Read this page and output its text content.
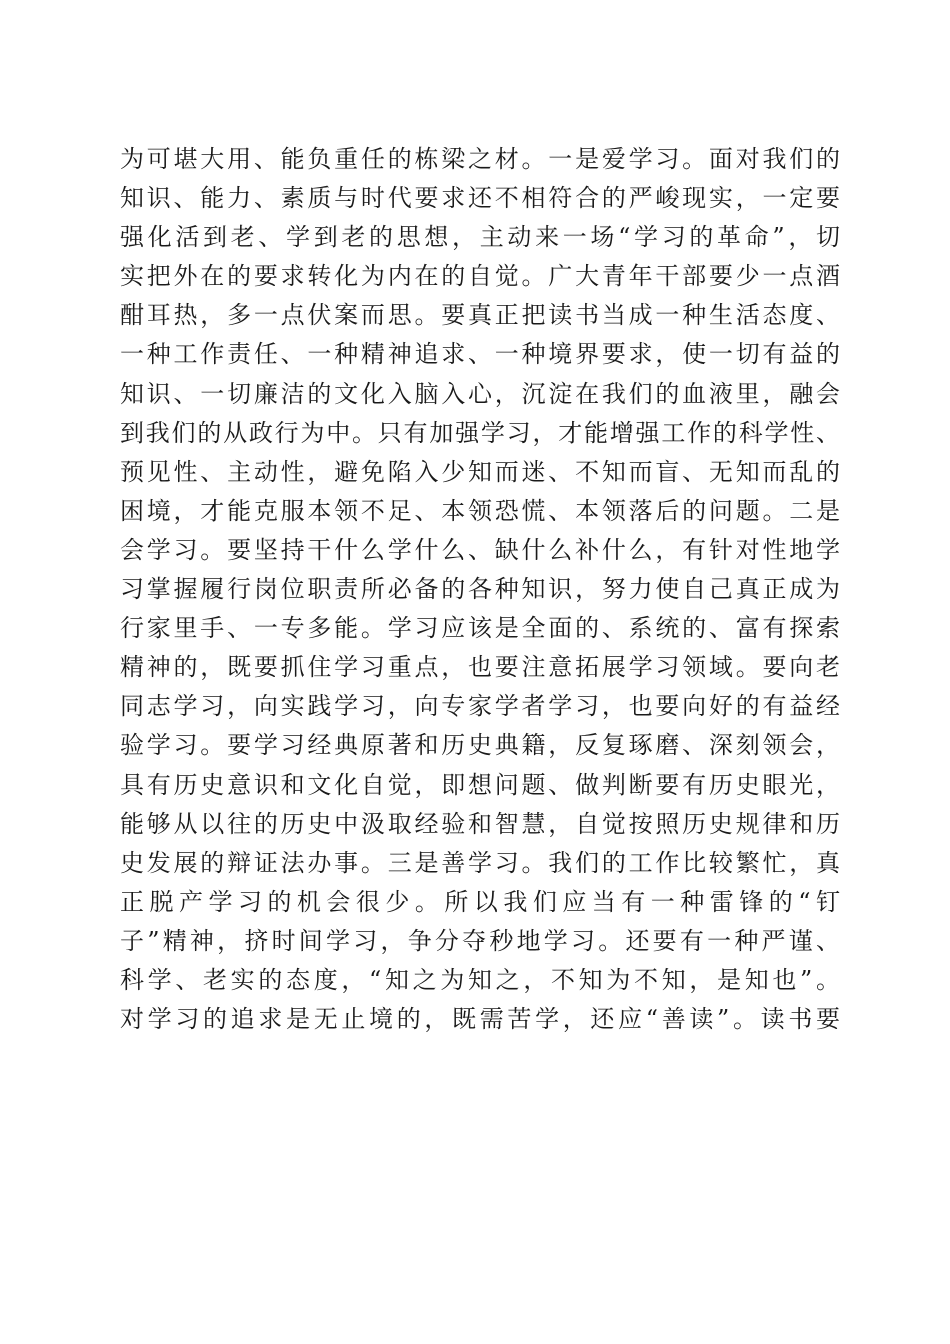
为可堪大用、能负重任的栋梁之材。一是爱学习。面对我们的
知识、能力、素质与时代要求还不相符合的严峻现实，一定要
强化活到老、学到老的思想，主动来一场“学习的革命”，切
实把外在的要求转化为内在的自觉。广大青年干部要少一点酒
酣耳热，多一点伏案而思。要真正把读书当成一种生活态度、
一种工作责任、一种精神追求、一种境界要求，使一切有益的
知识、一切廉洁的文化入脑入心，沉淀在我们的血液里，融会
到我们的从政行为中。只有加强学习，才能增强工作的科学性、
预见性、主动性，避免陷入少知而迷、不知而盲、无知而乱的
困境，才能克服本领不足、本领恐慌、本领落后的问题。二是
会学习。要坚持干什么学什么、缺什么补什么，有针对性地学
习掌握履行岗位职责所必备的各种知识，努力使自己真正成为
行家里手、一专多能。学习应该是全面的、系统的、富有探索
精神的，既要抓住学习重点，也要注意拓展学习领域。要向老
同志学习，向实践学习，向专家学者学习，也要向好的有益经
验学习。要学习经典原著和历史典籍，反复琢磨、深刻领会，
具有历史意识和文化自觉，即想问题、做判断要有历史眼光，
能够从以往的历史中汲取经验和智慧，自觉按照历史规律和历
史发展的辩证法办事。三是善学习。我们的工作比较繁忙，真
正脱产学习的机会很少。所以我们应当有一种雷锋的“钉
子”精神，挤时间学习，争分夺秒地学习。还要有一种严谨、
科学、老实的态度，“知之为知之，不知为不知，是知也”。
对学习的追求是无止境的，既需苦学，还应“善读”。读书要
